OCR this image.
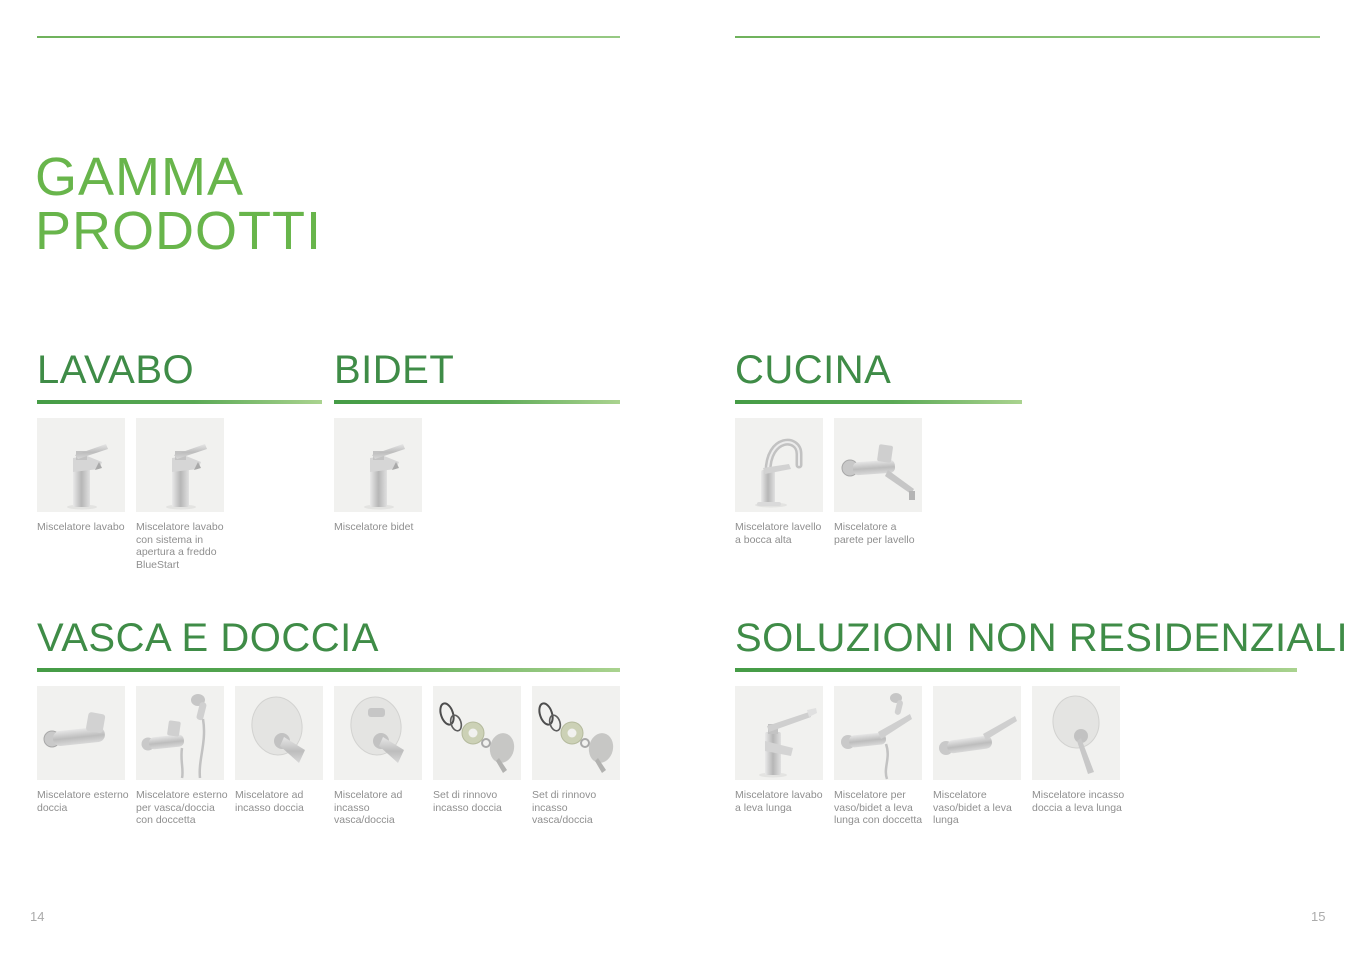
GAMMA
PRODOTTI
LAVABO
Miscelatore lavabo	Miscelatore lavabo con sistema in apertura a freddo BlueStart
BIDET
Miscelatore bidet
CUCINA
Miscelatore lavello a bocca alta
Miscelatore a parete per lavello
VASCA E DOCCIA
Miscelatore esterno doccia
Miscelatore esterno per vasca/doccia con doccetta
Miscelatore ad incasso doccia
Miscelatore ad incasso vasca/doccia
Set di rinnovo incasso doccia
Set di rinnovo incasso vasca/doccia
SOLUZIONI NON RESIDENZIALI
Miscelatore lavabo a leva lunga
Miscelatore per vaso/bidet a leva lunga con doccetta
Miscelatore vaso/bidet a leva lunga
Miscelatore incasso doccia a leva lunga
14	15
